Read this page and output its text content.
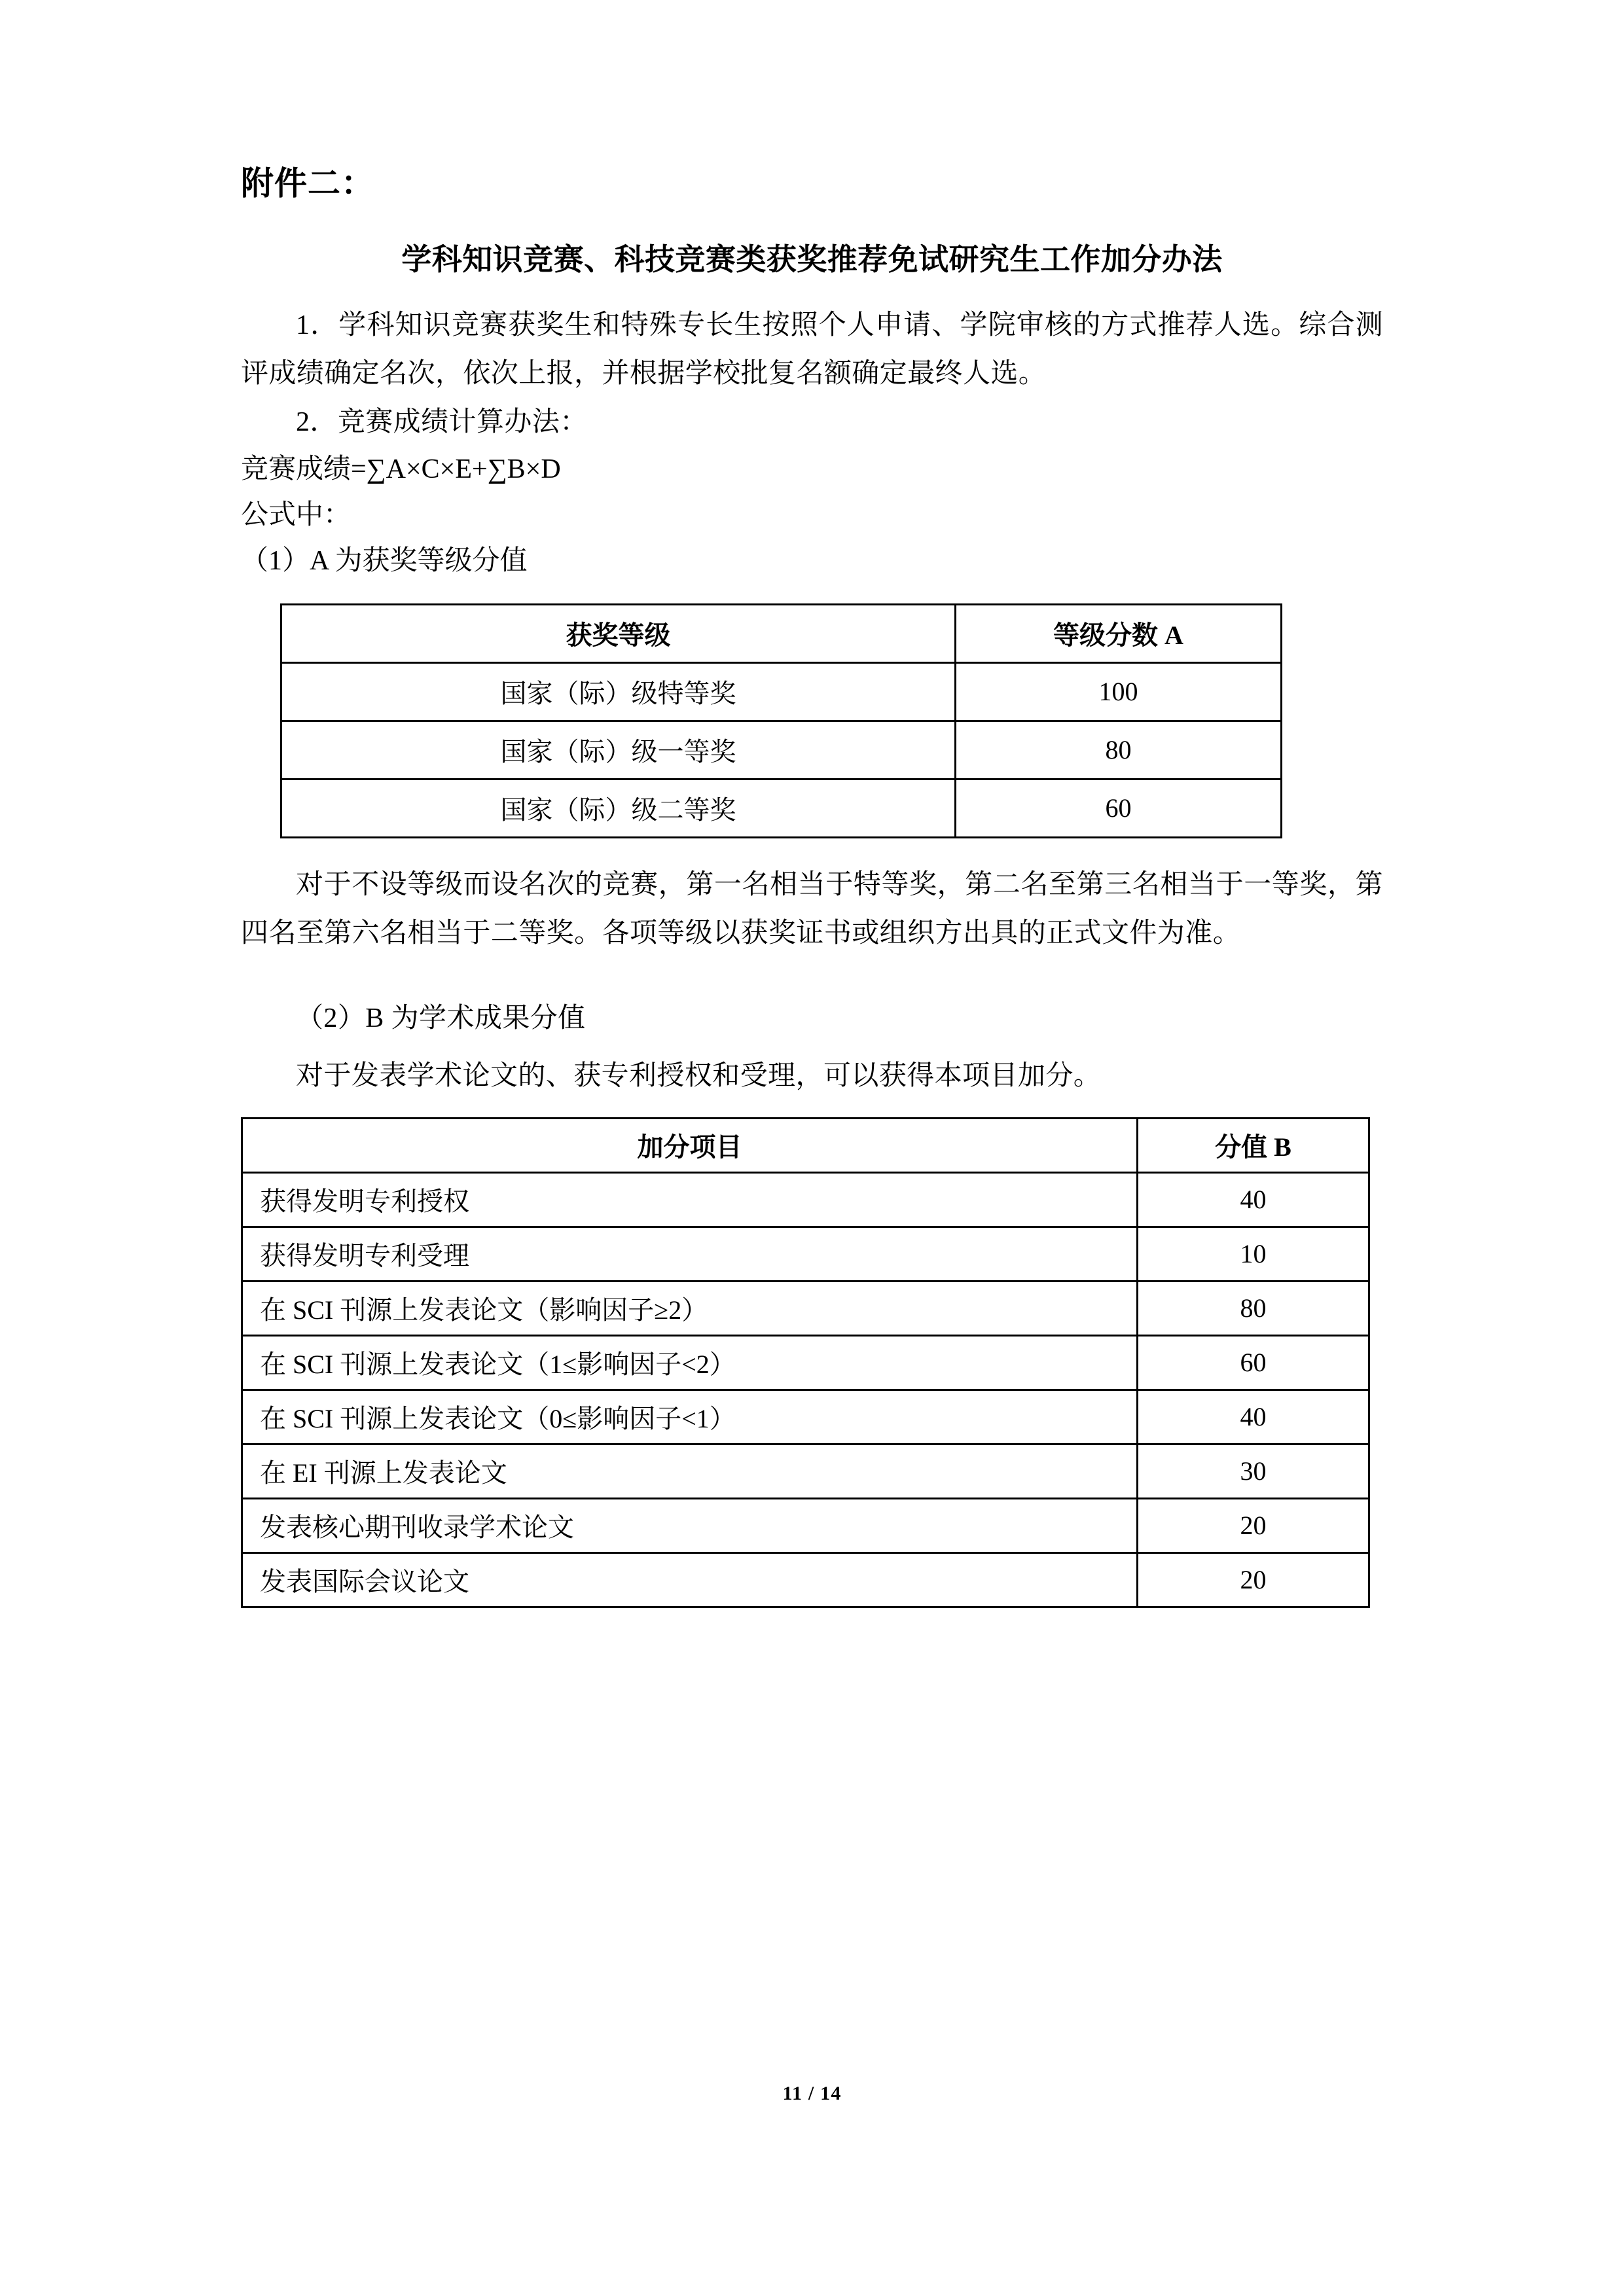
附件二：
学科知识竞赛、科技竞赛类获奖推荐免试研究生工作加分办法

1．学科知识竞赛获奖生和特殊专长生按照个人申请、学院审核的方式推荐人选。综合测评成绩确定名次，依次上报，并根据学校批复名额确定最终人选。

2．竞赛成绩计算办法：

竞赛成绩=∑A×C×E+∑B×D

公式中：

（1）A 为获奖等级分值

获奖等级	等级分数 A
国家（际）级特等奖	100
国家（际）级一等奖	80
国家（际）级二等奖	60

对于不设等级而设名次的竞赛，第一名相当于特等奖，第二名至第三名相当于一等奖，第四名至第六名相当于二等奖。各项等级以获奖证书或组织方出具的正式文件为准。

（2）B 为学术成果分值

对于发表学术论文的、获专利授权和受理，可以获得本项目加分。

加分项目	分值 B
获得发明专利授权	40
获得发明专利受理	10
在 SCI 刊源上发表论文（影响因子≥2）	80
在 SCI 刊源上发表论文（1≤影响因子<2）	60
在 SCI 刊源上发表论文（0≤影响因子<1）	40
在 EI 刊源上发表论文	30
发表核心期刊收录学术论文	20
发表国际会议论文	20
11 / 14
